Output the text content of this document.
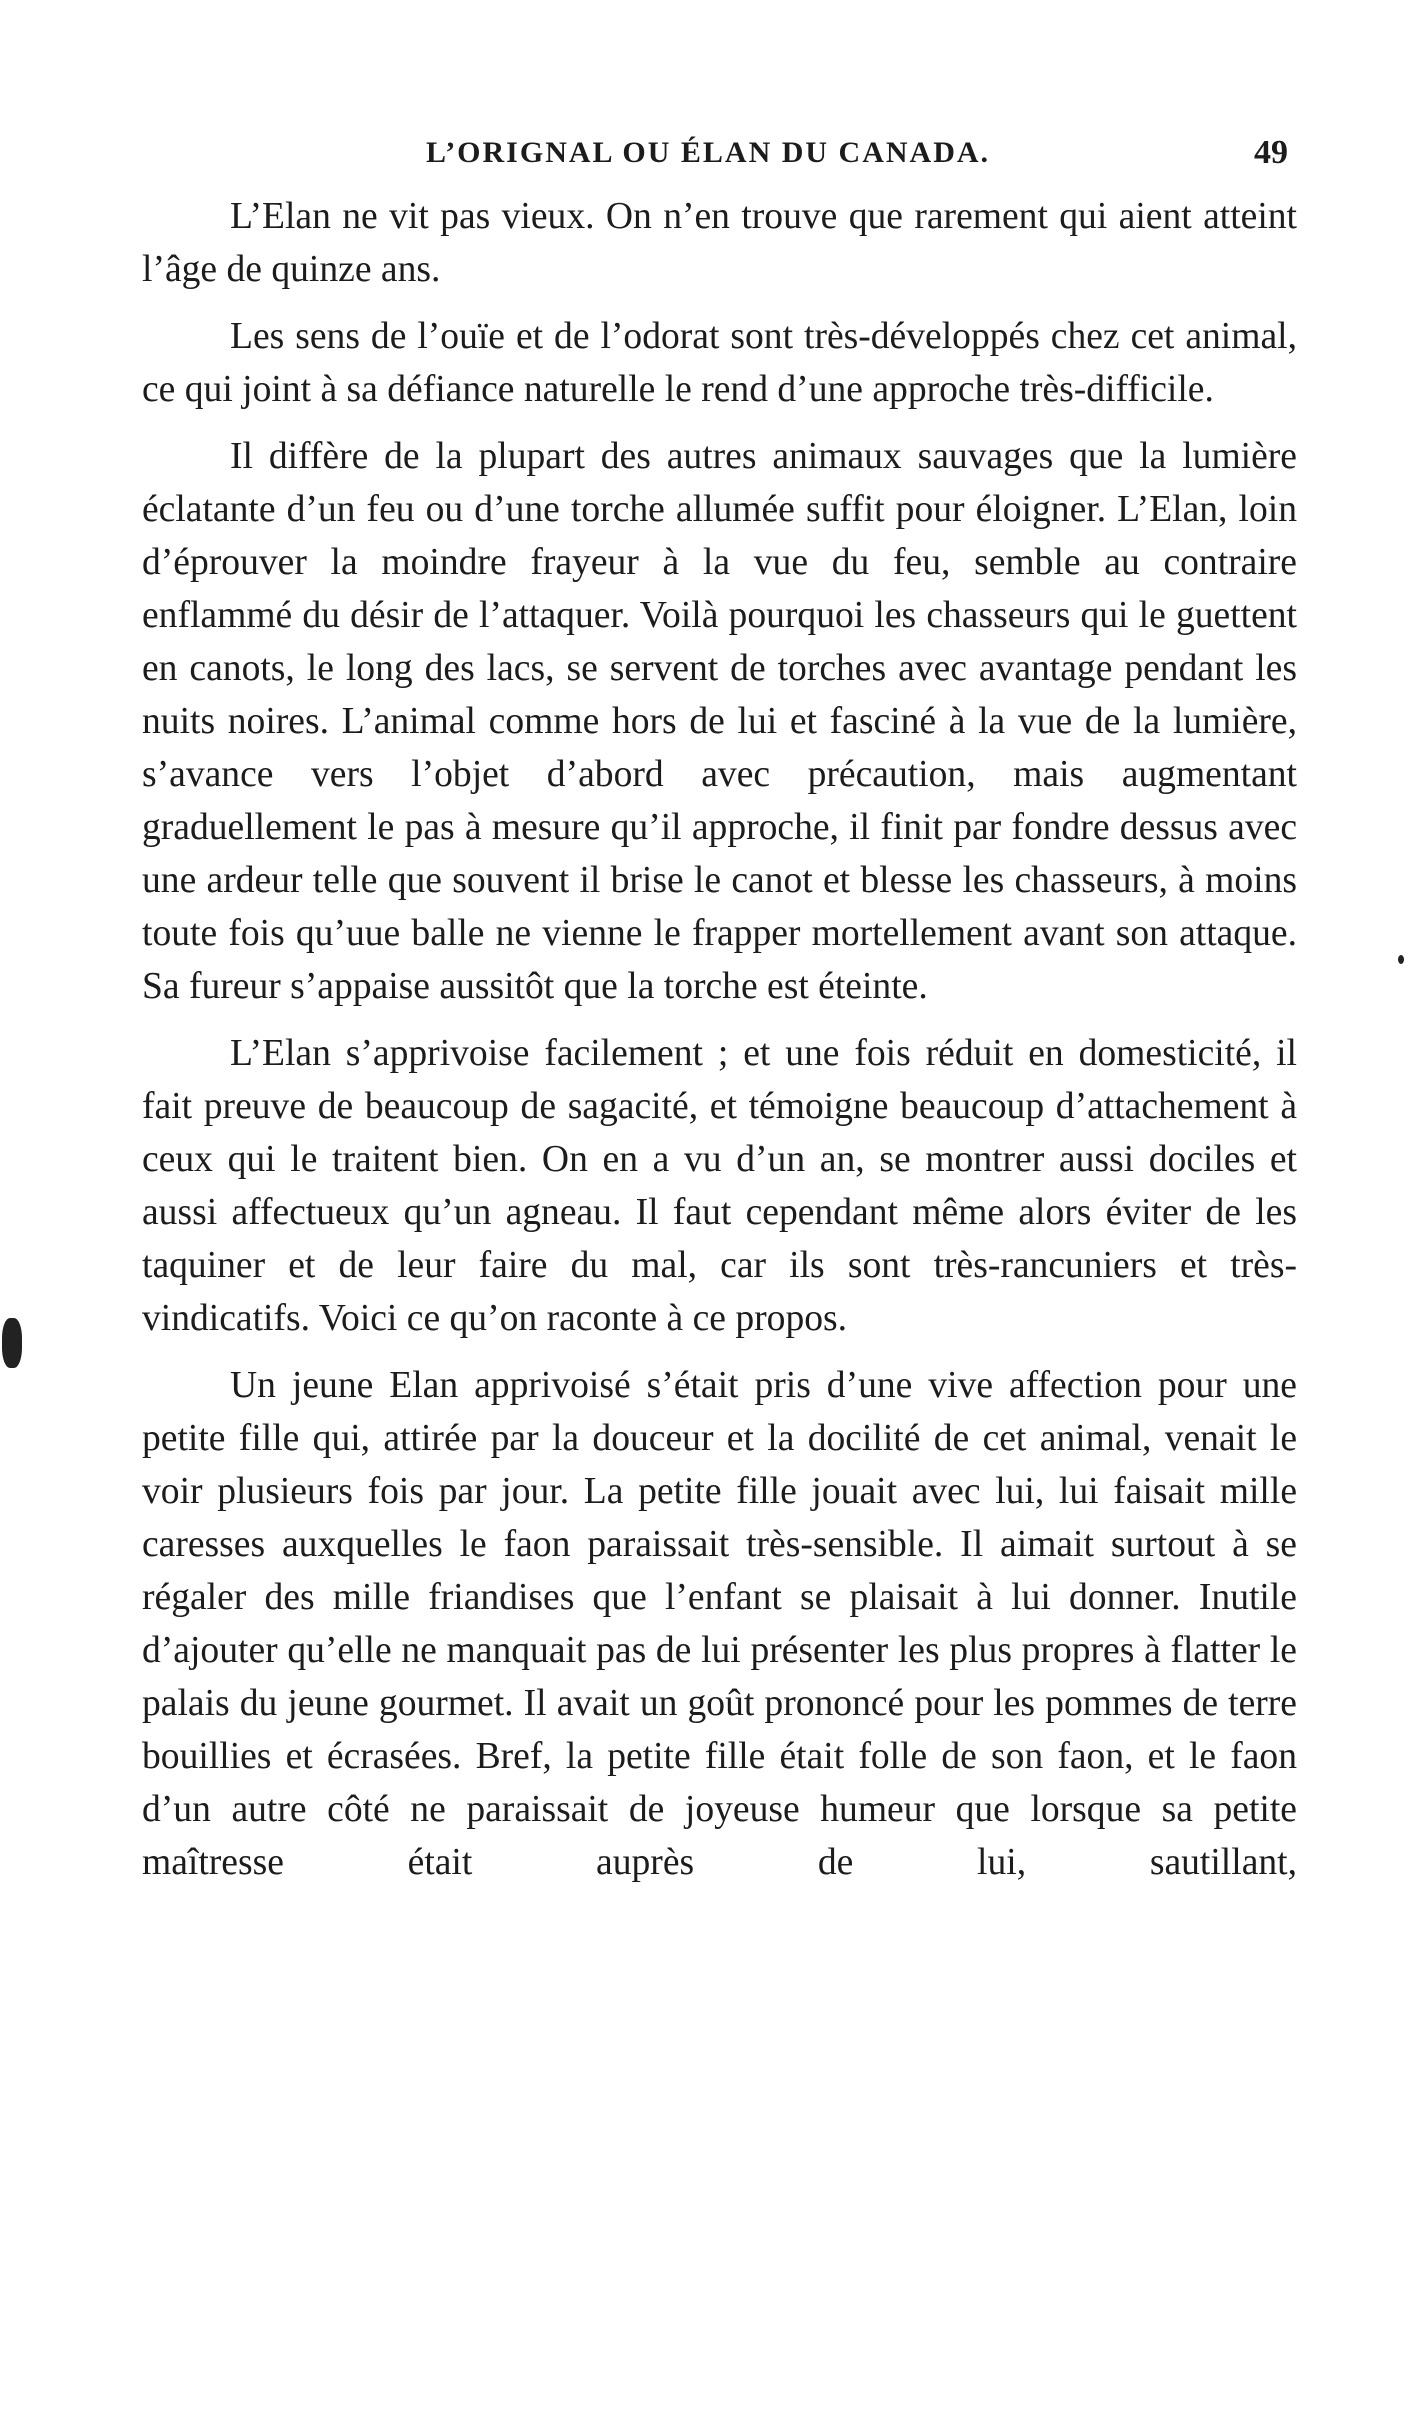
L’ORIGNAL OU ÉLAN DU CANADA.	49

L’Elan ne vit pas vieux. On n’en trouve que rarement qui aient atteint l’âge de quinze ans.

Les sens de l’ouïe et de l’odorat sont très-développés chez cet animal, ce qui joint à sa défiance naturelle le rend d’une approche très-difficile.

Il diffère de la plupart des autres animaux sauvages que la lumière éclatante d’un feu ou d’une torche allumée suffit pour éloigner. L’Elan, loin d’éprouver la moindre frayeur à la vue du feu, semble au contraire enflammé du désir de l’attaquer. Voilà pourquoi les chasseurs qui le guettent en canots, le long des lacs, se servent de torches avec avantage pendant les nuits noires. L’animal comme hors de lui et fasciné à la vue de la lumière, s’avance vers l’objet d’abord avec précaution, mais augmentant graduellement le pas à mesure qu’il approche, il finit par fondre dessus avec une ardeur telle que souvent il brise le canot et blesse les chasseurs, à moins toute fois qu’uue balle ne vienne le frapper mortellement avant son attaque. Sa fureur s’appaise aussitôt que la torche est éteinte.

L’Elan s’apprivoise facilement ; et une fois réduit en domesticité, il fait preuve de beaucoup de sagacité, et témoigne beaucoup d’attachement à ceux qui le traitent bien. On en a vu d’un an, se montrer aussi dociles et aussi affectueux qu’un agneau. Il faut cependant même alors éviter de les taquiner et de leur faire du mal, car ils sont très-rancuniers et très-vindicatifs. Voici ce qu’on raconte à ce propos.

Un jeune Elan apprivoisé s’était pris d’une vive affection pour une petite fille qui, attirée par la douceur et la docilité de cet animal, venait le voir plusieurs fois par jour. La petite fille jouait avec lui, lui faisait mille caresses auxquelles le faon paraissait très-sensible. Il aimait surtout à se régaler des mille friandises que l’enfant se plaisait à lui donner. Inutile d’ajouter qu’elle ne manquait pas de lui présenter les plus propres à flatter le palais du jeune gourmet. Il avait un goût prononcé pour les pommes de terre bouillies et écrasées. Bref, la petite fille était folle de son faon, et le faon d’un autre côté ne paraissait de joyeuse humeur que lorsque sa petite maîtresse était auprès de lui, sautillant,
